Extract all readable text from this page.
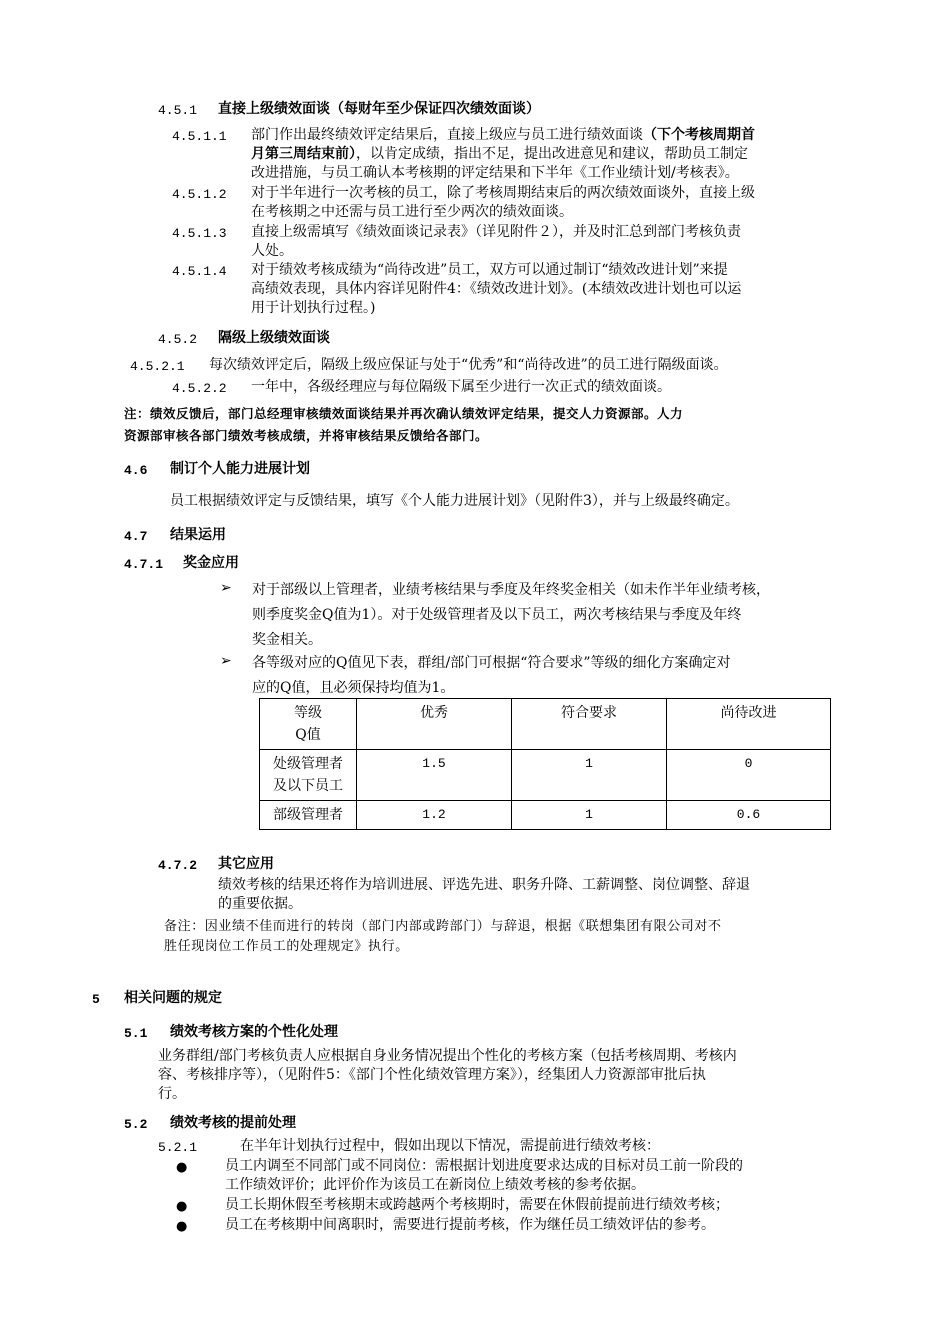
4.5.1 直接上级绩效面谈（每财年至少保证四次绩效面谈）
4.5.1.1 部门作出最终绩效评定结果后，直接上级应与员工进行绩效面谈（下个考核周期首
月第三周结束前），以肯定成绩，指出不足，提出改进意见和建议，帮助员工制定
改进措施，与员工确认本考核期的评定结果和下半年《工作业绩计划/考核表》。
4.5.1.2 对于半年进行一次考核的员工，除了考核周期结束后的两次绩效面谈外，直接上级
在考核期之中还需与员工进行至少两次的绩效面谈。
4.5.1.3 直接上级需填写《绩效面谈记录表》（详见附件２），并及时汇总到部门考核负责
人处。
4.5.1.4 对于绩效考核成绩为“尚待改进”员工，双方可以通过制订“绩效改进计划”来提
高绩效表现，具体内容详见附件4：《绩效改进计划》。(本绩效改进计划也可以运
用于计划执行过程。)
4.5.2 隔级上级绩效面谈
4.5.2.1 每次绩效评定后，隔级上级应保证与处于“优秀”和“尚待改进”的员工进行隔级面谈。
4.5.2.2 一年中，各级经理应与每位隔级下属至少进行一次正式的绩效面谈。
注：绩效反馈后，部门总经理审核绩效面谈结果并再次确认绩效评定结果，提交人力资源部。人力
资源部审核各部门绩效考核成绩，并将审核结果反馈给各部门。
4.6 制订个人能力进展计划
员工根据绩效评定与反馈结果，填写《个人能力进展计划》（见附件3），并与上级最终确定。
4.7 结果运用
4.7.1 奖金应用
➢ 对于部级以上管理者，业绩考核结果与季度及年终奖金相关（如未作半年业绩考核，
则季度奖金Q值为1）。对于处级管理者及以下员工，两次考核结果与季度及年终
奖金相关。
➢ 各等级对应的Q值见下表，群组/部门可根据“符合要求”等级的细化方案确定对
应的Q值，且必须保持均值为1。
等级
Q值	优秀	符合要求	尚待改进

处级管理者
及以下员工	1.5	1	0
部级管理者	1.2	1	0.6
4.7.2 其它应用
绩效考核的结果还将作为培训进展、评选先进、职务升降、工薪调整、岗位调整、辞退
的重要依据。
备注：因业绩不佳而进行的转岗（部门内部或跨部门）与辞退，根据《联想集团有限公司对不
胜任现岗位工作员工的处理规定》执行。
5 相关问题的规定
5.1 绩效考核方案的个性化处理
业务群组/部门考核负责人应根据自身业务情况提出个性化的考核方案（包括考核周期、考核内
容、考核排序等），（见附件5：《部门个性化绩效管理方案》），经集团人力资源部审批后执
行。
5.2 绩效考核的提前处理
5.2.1	在半年计划执行过程中，假如出现以下情况，需提前进行绩效考核：
●	员工内调至不同部门或不同岗位：需根据计划进度要求达成的目标对员工前一阶段的
工作绩效评价；此评价作为该员工在新岗位上绩效考核的参考依据。
●	员工长期休假至考核期末或跨越两个考核期时，需要在休假前提前进行绩效考核；
●	员工在考核期中间离职时，需要进行提前考核，作为继任员工绩效评估的参考。
